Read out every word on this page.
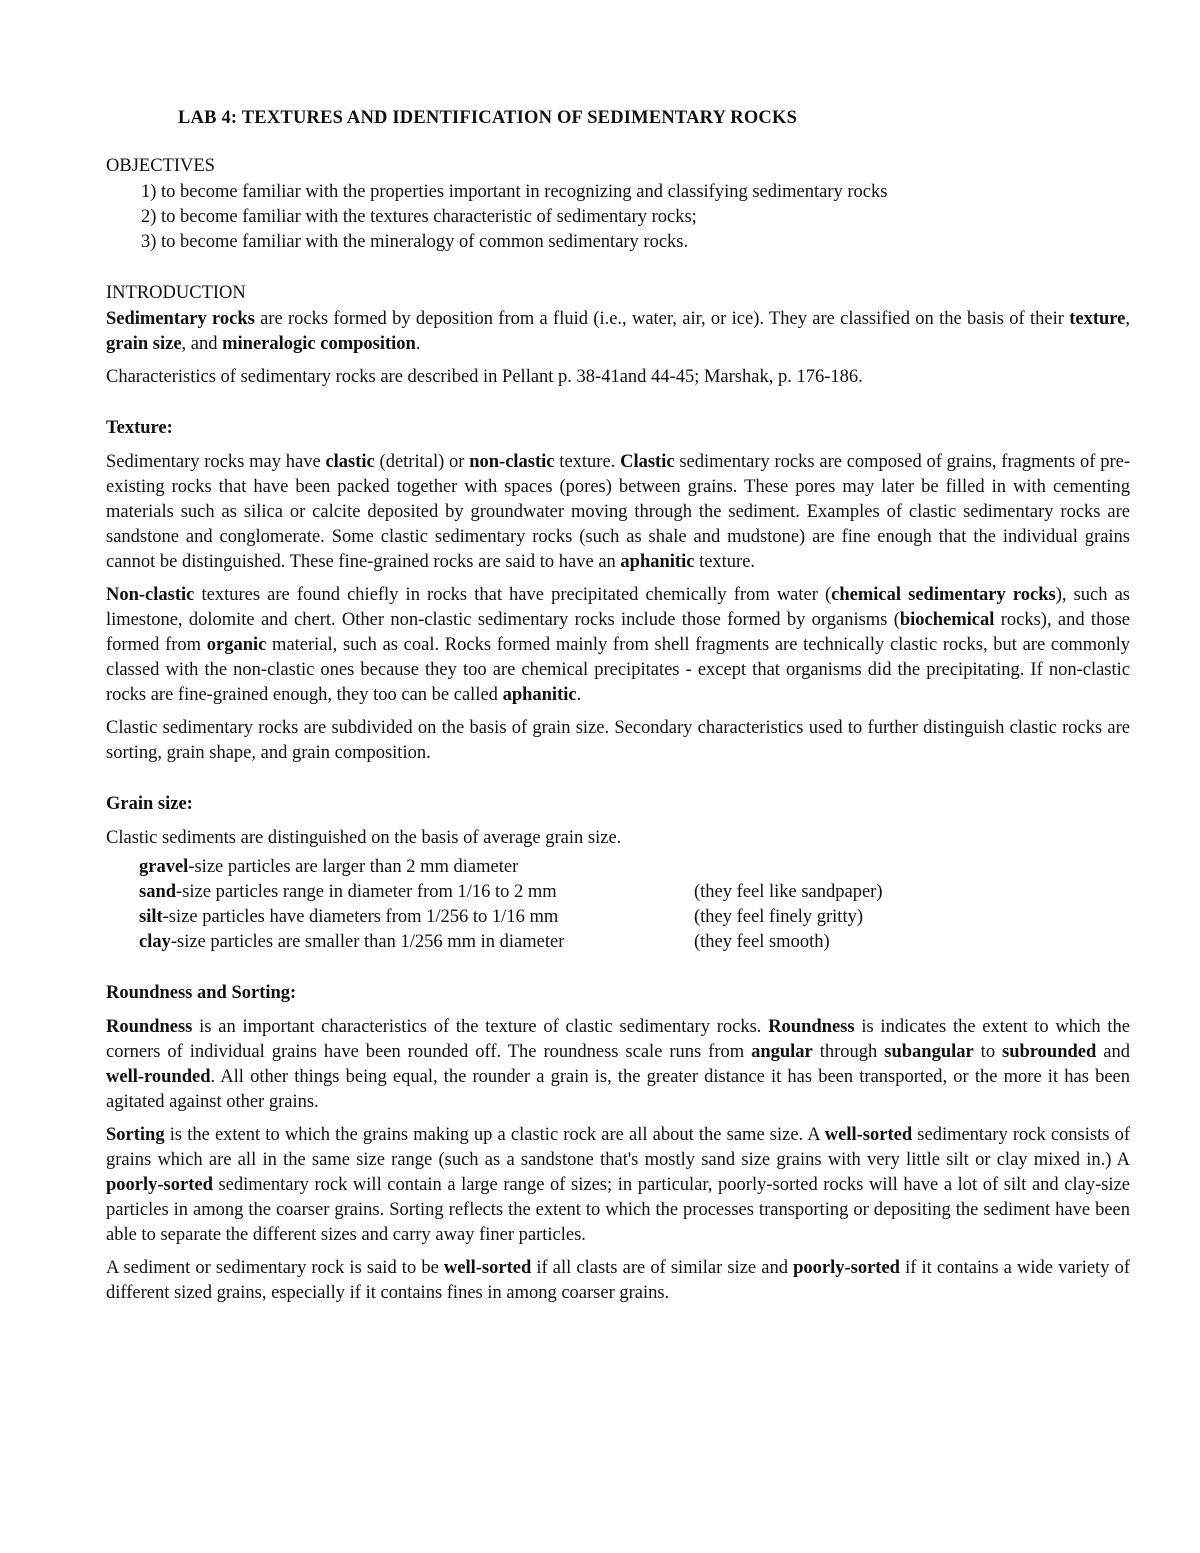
LAB 4: TEXTURES AND IDENTIFICATION OF SEDIMENTARY ROCKS
OBJECTIVES
1) to become familiar with the properties important in recognizing and classifying sedimentary rocks
2) to become familiar with the textures characteristic of sedimentary rocks;
3) to become familiar with the mineralogy of common sedimentary rocks.
INTRODUCTION

Sedimentary rocks are rocks formed by deposition from a fluid (i.e., water, air, or ice). They are classified on the basis of their texture, grain size, and mineralogic composition.

Characteristics of sedimentary rocks are described in Pellant p. 38-41and 44-45; Marshak, p. 176-186.

Texture:

Sedimentary rocks may have clastic (detrital) or non-clastic texture. Clastic sedimentary rocks are composed of grains, fragments of pre-existing rocks that have been packed together with spaces (pores) between grains. These pores may later be filled in with cementing materials such as silica or calcite deposited by groundwater moving through the sediment. Examples of clastic sedimentary rocks are sandstone and conglomerate. Some clastic sedimentary rocks (such as shale and mudstone) are fine enough that the individual grains cannot be distinguished. These fine-grained rocks are said to have an aphanitic texture.

Non-clastic textures are found chiefly in rocks that have precipitated chemically from water (chemical sedimentary rocks), such as limestone, dolomite and chert. Other non-clastic sedimentary rocks include those formed by organisms (biochemical rocks), and those formed from organic material, such as coal. Rocks formed mainly from shell fragments are technically clastic rocks, but are commonly classed with the non-clastic ones because they too are chemical precipitates - except that organisms did the precipitating. If non-clastic rocks are fine-grained enough, they too can be called aphanitic.

Clastic sedimentary rocks are subdivided on the basis of grain size. Secondary characteristics used to further distinguish clastic rocks are sorting, grain shape, and grain composition.

Grain size:

Clastic sediments are distinguished on the basis of average grain size.

gravel-size particles are larger than 2 mm diameter	
sand-size particles range in diameter from 1/16 to 2 mm	(they feel like sandpaper)
silt-size particles have diameters from 1/256 to 1/16 mm	(they feel finely gritty)
clay-size particles are smaller than 1/256 mm in diameter	(they feel smooth)
Roundness and Sorting:

Roundness is an important characteristics of the texture of clastic sedimentary rocks. Roundness is indicates the extent to which the corners of individual grains have been rounded off. The roundness scale runs from angular through subangular to subrounded and well-rounded. All other things being equal, the rounder a grain is, the greater distance it has been transported, or the more it has been agitated against other grains.

Sorting is the extent to which the grains making up a clastic rock are all about the same size. A well-sorted sedimentary rock consists of grains which are all in the same size range (such as a sandstone that's mostly sand size grains with very little silt or clay mixed in.) A poorly-sorted sedimentary rock will contain a large range of sizes; in particular, poorly-sorted rocks will have a lot of silt and clay-size particles in among the coarser grains. Sorting reflects the extent to which the processes transporting or depositing the sediment have been able to separate the different sizes and carry away finer particles.

A sediment or sedimentary rock is said to be well-sorted if all clasts are of similar size and poorly-sorted if it contains a wide variety of different sized grains, especially if it contains fines in among coarser grains.
